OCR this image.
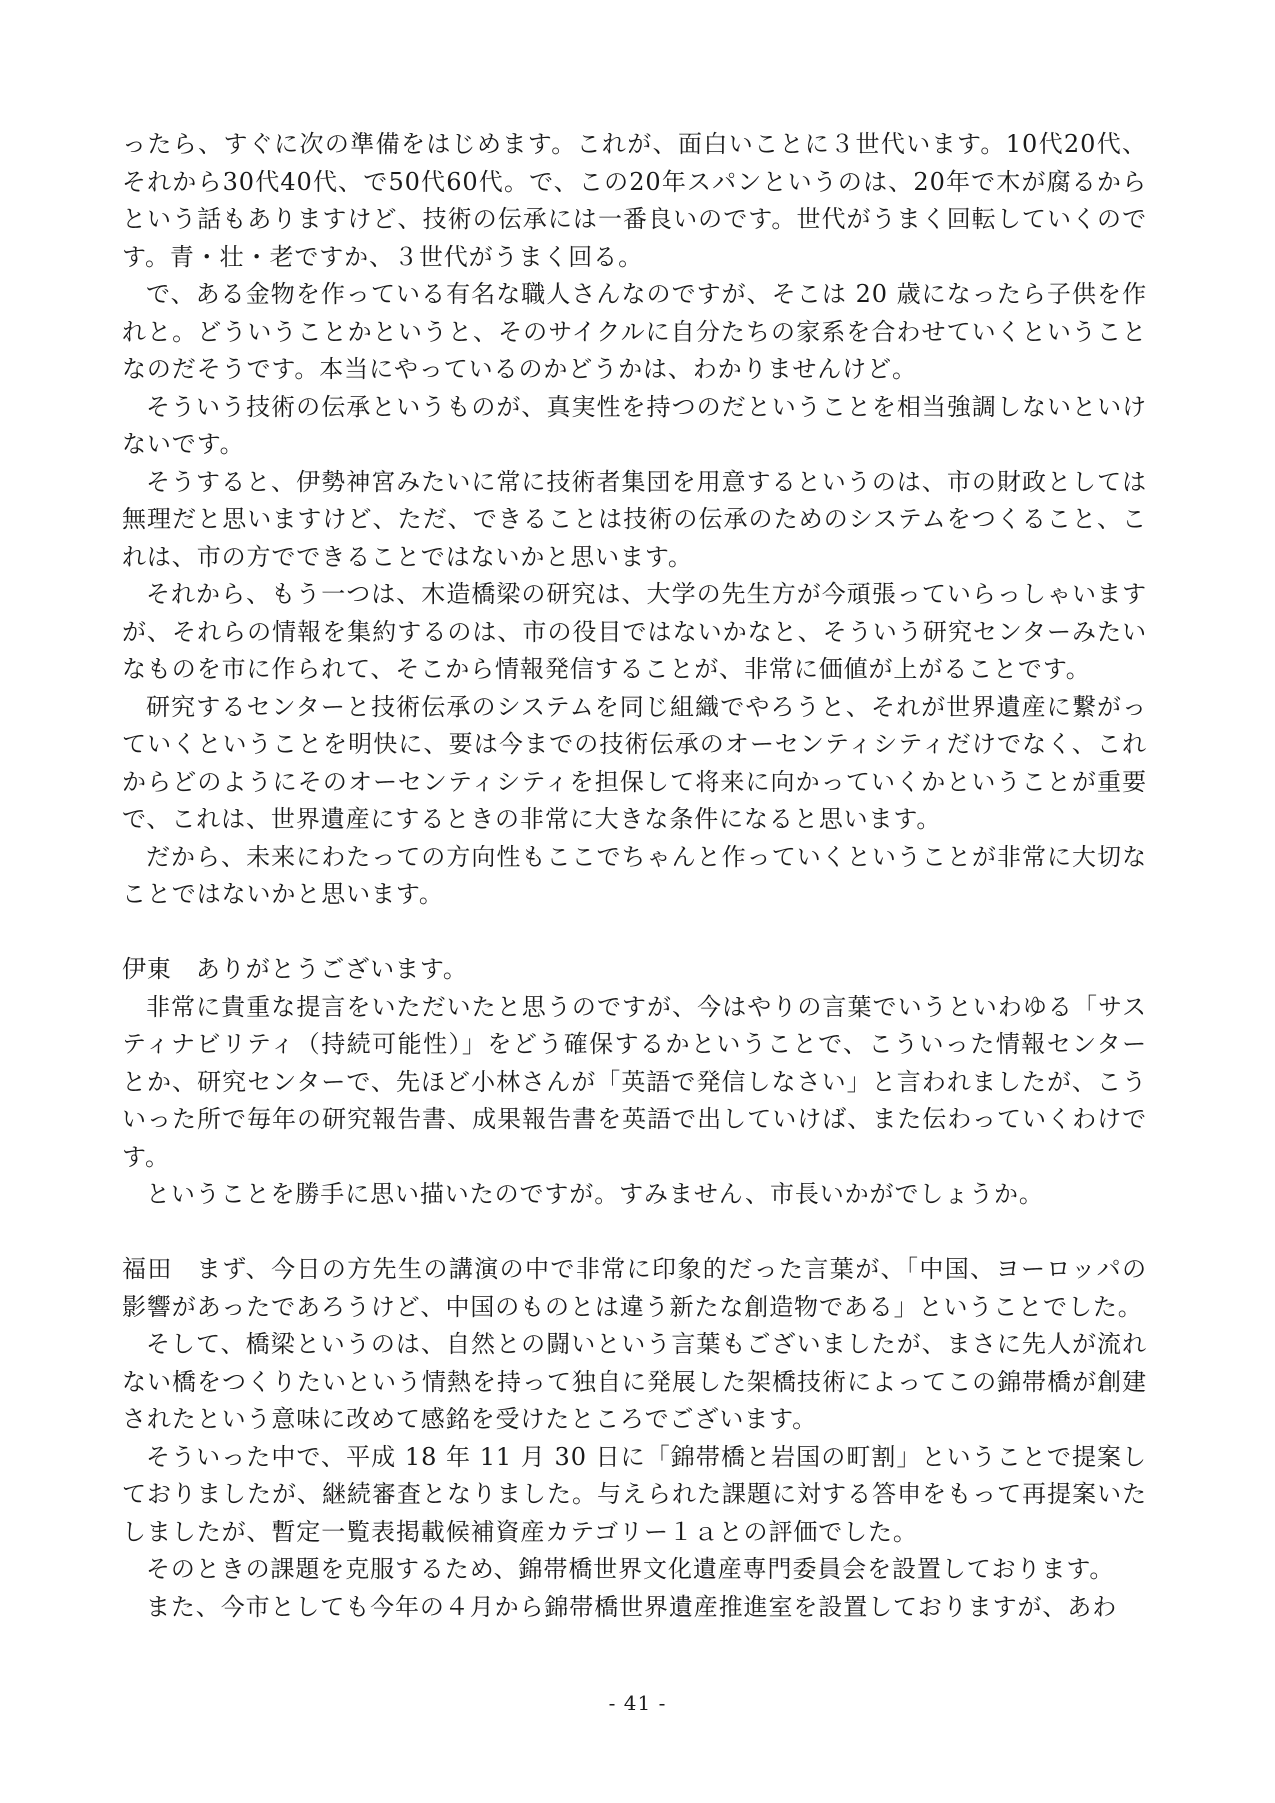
ったら、すぐに次の準備をはじめます。これが、面白いことに３世代います。10代20代、それから30代40代、で50代60代。で、この20年スパンというのは、20年で木が腐るからという話もありますけど、技術の伝承には一番良いのです。世代がうまく回転していくのです。青・壮・老ですか、３世代がうまく回る。

で、ある金物を作っている有名な職人さんなのですが、そこは 20 歳になったら子供を作れと。どういうことかというと、そのサイクルに自分たちの家系を合わせていくということなのだそうです。本当にやっているのかどうかは、わかりませんけど。

そういう技術の伝承というものが、真実性を持つのだということを相当強調しないといけないです。

そうすると、伊勢神宮みたいに常に技術者集団を用意するというのは、市の財政としては無理だと思いますけど、ただ、できることは技術の伝承のためのシステムをつくること、これは、市の方でできることではないかと思います。

それから、もう一つは、木造橋梁の研究は、大学の先生方が今頑張っていらっしゃいますが、それらの情報を集約するのは、市の役目ではないかなと、そういう研究センターみたいなものを市に作られて、そこから情報発信することが、非常に価値が上がることです。

研究するセンターと技術伝承のシステムを同じ組織でやろうと、それが世界遺産に繋がっていくということを明快に、要は今までの技術伝承のオーセンティシティだけでなく、これからどのようにそのオーセンティシティを担保して将来に向かっていくかということが重要で、これは、世界遺産にするときの非常に大きな条件になると思います。

だから、未来にわたっての方向性もここでちゃんと作っていくということが非常に大切なことではないかと思います。

伊東 ありがとうございます。

非常に貴重な提言をいただいたと思うのですが、今はやりの言葉でいうといわゆる「サスティナビリティ（持続可能性）」をどう確保するかということで、こういった情報センターとか、研究センターで、先ほど小林さんが「英語で発信しなさい」と言われましたが、こういった所で毎年の研究報告書、成果報告書を英語で出していけば、また伝わっていくわけです。

ということを勝手に思い描いたのですが。すみません、市長いかがでしょうか。

福田 まず、今日の方先生の講演の中で非常に印象的だった言葉が、「中国、ヨーロッパの影響があったであろうけど、中国のものとは違う新たな創造物である」ということでした。

そして、橋梁というのは、自然との闘いという言葉もございましたが、まさに先人が流れない橋をつくりたいという情熱を持って独自に発展した架橋技術によってこの錦帯橋が創建されたという意味に改めて感銘を受けたところでございます。

そういった中で、平成 18 年 11 月 30 日に「錦帯橋と岩国の町割」ということで提案しておりましたが、継続審査となりました。与えられた課題に対する答申をもって再提案いたしましたが、暫定一覧表掲載候補資産カテゴリー１ａとの評価でした。

そのときの課題を克服するため、錦帯橋世界文化遺産専門委員会を設置しております。

また、今市としても今年の４月から錦帯橋世界遺産推進室を設置しておりますが、あわ

- 41 -
